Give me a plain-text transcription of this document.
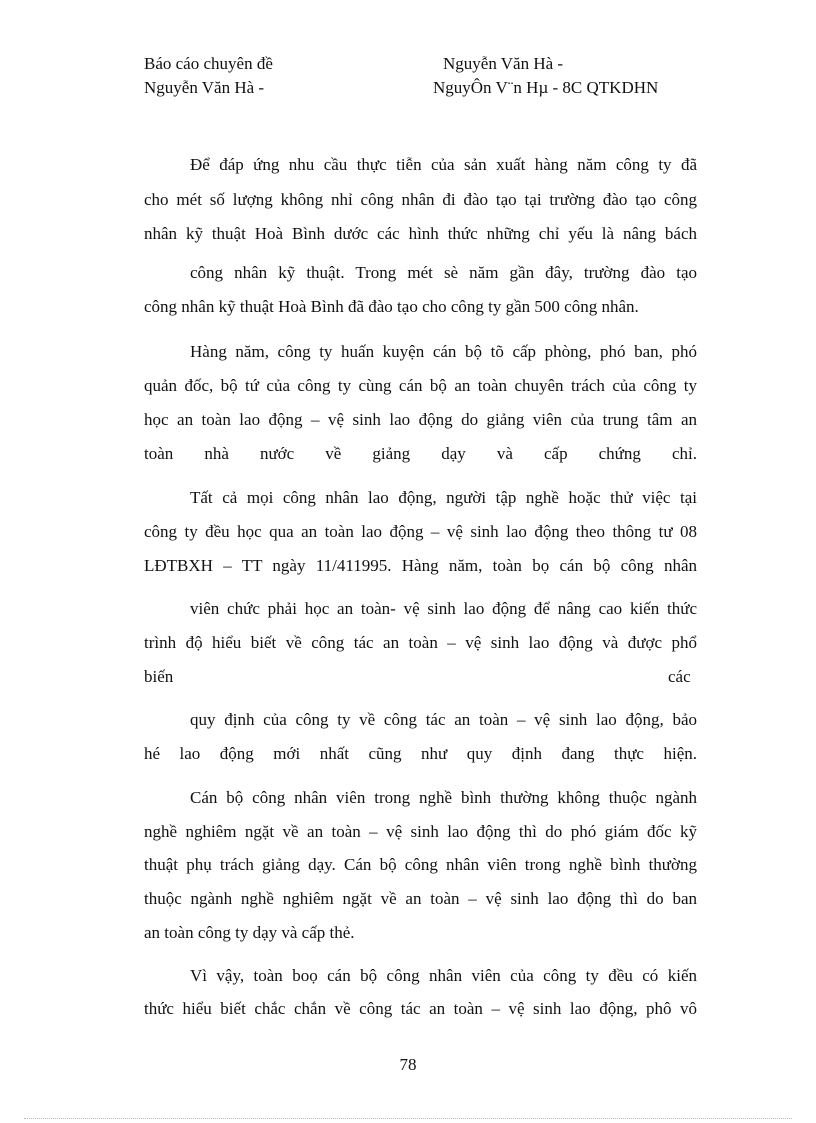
Báo cáo chuyên đề	Nguyễn Văn Hà -
Nguyễn Văn Hà -	NguyÔn V¨n Hµ - 8C QTKDHN
Để đáp ứng nhu cầu thực tiễn của sản xuất hàng năm công ty đã
cho mét số lượng không nhỉ công nhân đi đào tạo tại trường đào tạo công
nhân kỹ thuật Hoà Bình dước các hình thức những chỉ yếu là nâng bách
công nhân kỹ thuật. Trong mét sè năm gần đây, trường đào tạo
công nhân kỹ thuật Hoà Bình đã đào tạo cho công ty gần 500 công nhân.
Hàng năm, công ty huấn kuyện cán bộ tõ cấp phòng, phó ban, phó
quản đốc, bộ tứ của công ty cùng cán bộ an toàn chuyên trách của công ty
học an toàn lao động – vệ sinh lao động do giảng viên của trung tâm an
toàn nhà nước về giảng dạy và cấp chứng chỉ.
Tất cả mọi công nhân lao động, người tập nghề hoặc thử việc tại
công ty đều học qua an toàn lao động – vệ sinh lao động theo thông tư 08
LĐTBXH – TT ngày 11/411995. Hàng năm, toàn bọ cán bộ công nhân
viên chức phải học an toàn- vệ sinh lao động để nâng cao kiến thức
trình độ hiểu biết về công tác an toàn – vệ sinh lao động và được phổ
biến	các
quy định của công ty về công tác an toàn – vệ sinh lao động, bảo
hé lao động mới nhất cũng như quy định đang thực hiện.
Cán bộ công nhân viên trong nghề bình thường không thuộc ngành
nghề nghiêm ngặt về an toàn – vệ sinh lao động thì do phó giám đốc kỹ
thuật phụ trách giảng dạy. Cán bộ công nhân viên trong nghề bình thường
thuộc ngành nghề nghiêm ngặt về an toàn – vệ sinh lao động thì do ban
an toàn công ty dạy và cấp thẻ.
Vì vậy, toàn boọ cán bộ công nhân viên của công ty đều có kiến
thức hiểu biết chắc chắn về công tác an toàn – vệ sinh lao động, phô vô
78
